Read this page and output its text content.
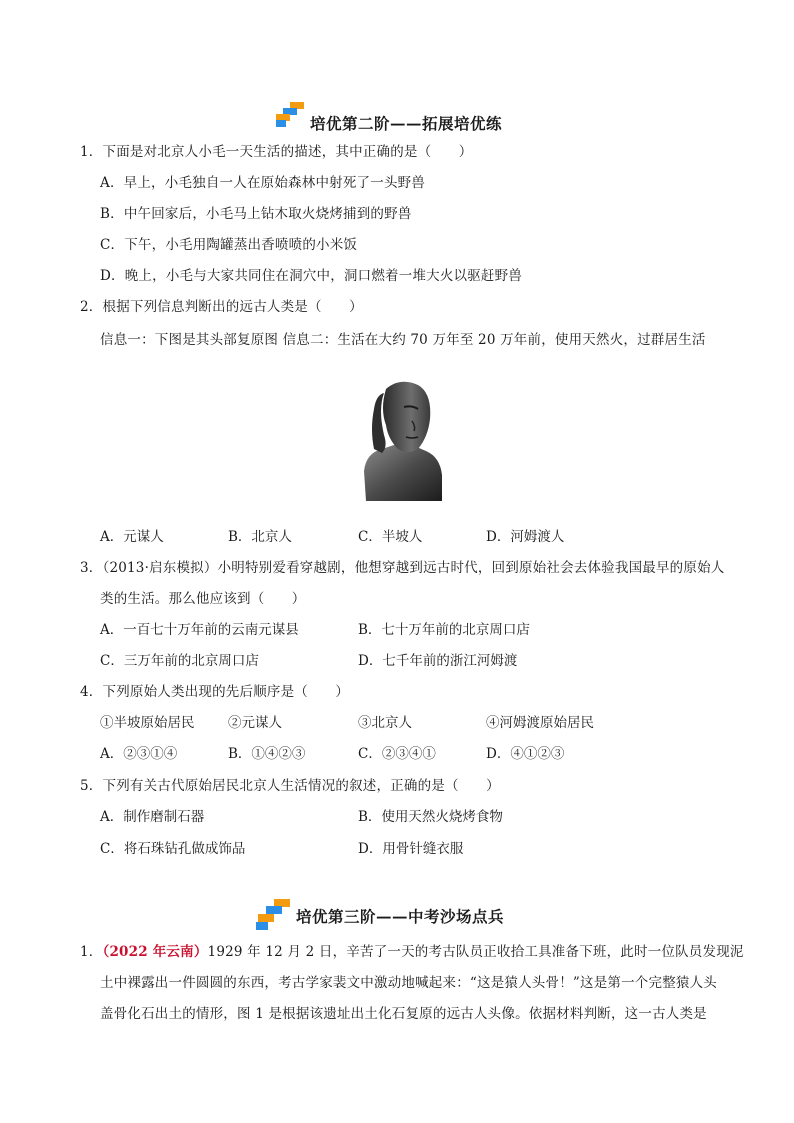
培优第二阶——拓展培优练
1．下面是对北京人小毛一天生活的描述，其中正确的是（　　）
A．早上，小毛独自一人在原始森林中射死了一头野兽
B．中午回家后，小毛马上钻木取火烧烤捕到的野兽
C．下午，小毛用陶罐蒸出香喷喷的小米饭
D．晚上，小毛与大家共同住在洞穴中，洞口燃着一堆大火以驱赶野兽
2．根据下列信息判断出的远古人类是（　　）
信息一：下图是其头部复原图 信息二：生活在大约 70 万年至 20 万年前，使用天然火，过群居生活
A．元谋人	B．北京人	C．半坡人	D．河姆渡人
3．（2013·启东模拟）小明特别爱看穿越剧，他想穿越到远古时代，回到原始社会去体验我国最早的原始人
类的生活。那么他应该到（　　）
A．一百七十万年前的云南元谋县	B．七十万年前的北京周口店
C．三万年前的北京周口店	D．七千年前的浙江河姆渡
4．下列原始人类出现的先后顺序是（　　）
①半坡原始居民	②元谋人	③北京人	④河姆渡原始居民
A．②③①④	B．①④②③	C．②③④①	D．④①②③
5．下列有关古代原始居民北京人生活情况的叙述，正确的是（　　）
A．制作磨制石器	B．使用天然火烧烤食物
C．将石珠钻孔做成饰品	D．用骨针缝衣服
培优第三阶——中考沙场点兵
1．（2022 年云南）1929 年 12 月 2 日，辛苦了一天的考古队员正收拾工具准备下班，此时一位队员发现泥
土中裸露出一件圆圆的东西，考古学家裴文中激动地喊起来：“这是猿人头骨！”这是第一个完整猿人头
盖骨化石出土的情形，图 1 是根据该遗址出土化石复原的远古人头像。依据材料判断，这一古人类是
